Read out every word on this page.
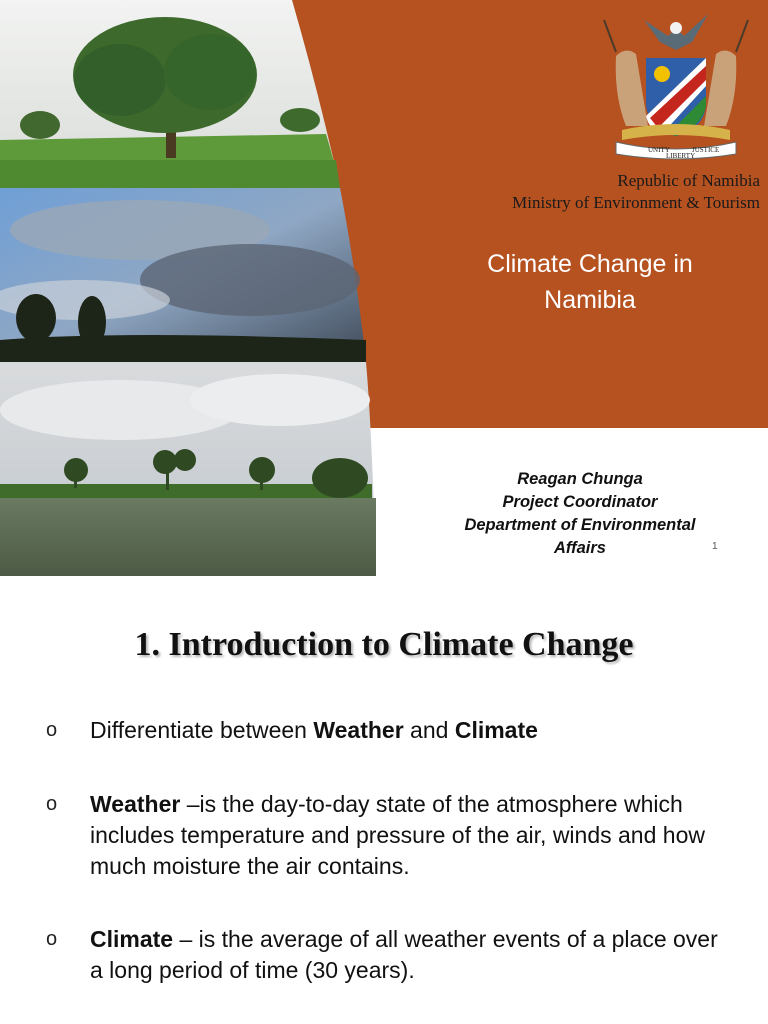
UNITY
LIBERTY
JUSTICE
Republic of Namibia
Ministry of Environment & Tourism
Climate Change in
Namibia
Reagan Chunga
Project Coordinator
Department of Environmental
Affairs	1
1. Introduction to Climate Change
o Differentiate between Weather and Climate
o Weather –is the day-to-day state of the atmosphere which includes temperature and pressure of the air, winds and how much moisture the air contains.
o Climate – is the average of all weather events of a place over a long period of time (30 years).
